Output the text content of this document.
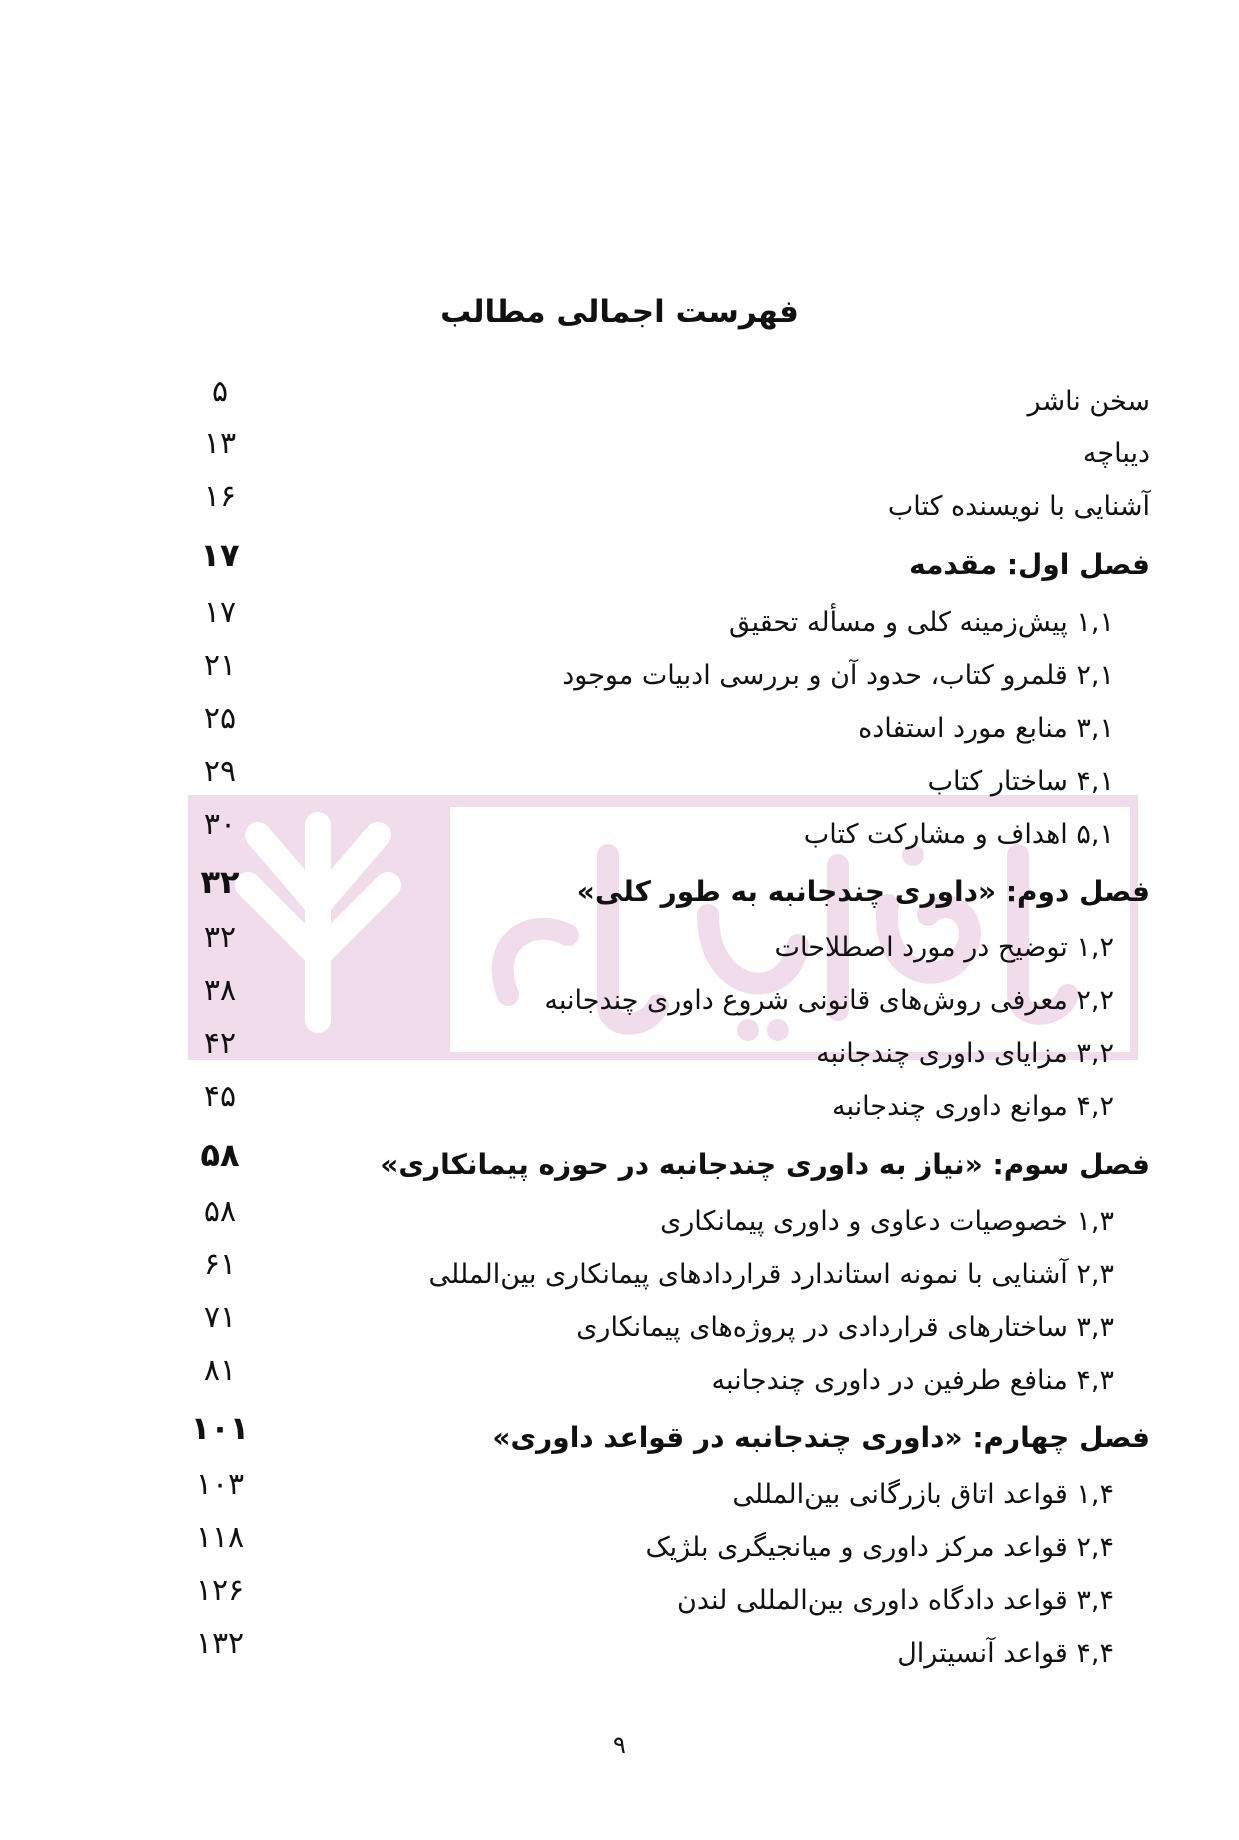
فهرست اجمالی مطالب
سخن ناشر
۵
دیباچه
۱۳
آشنایی با نویسنده کتاب
۱۶
فصل اول: مقدمه
۱۷
۱,۱ پیش‌زمینه کلی و مسأله تحقیق
۱۷
۲,۱ قلمرو کتاب، حدود آن و بررسی ادبیات موجود
۲۱
۳,۱ منابع مورد استفاده
۲۵
۴,۱ ساختار کتاب
۲۹
۵,۱ اهداف و مشارکت کتاب
۳۰
فصل دوم: «داوری چندجانبه به طور کلی»
۳۲
۱,۲ توضیح در مورد اصطلاحات
۳۲
۲,۲ معرفی روش‌های قانونی شروع داوری چندجانبه
۳۸
۳,۲ مزایای داوری چندجانبه
۴۲
۴,۲ موانع داوری چندجانبه
۴۵
فصل سوم: «نیاز به داوری چندجانبه در حوزه پیمانکاری»
۵۸
۱,۳ خصوصیات دعاوی و داوری پیمانکاری
۵۸
۲,۳ آشنایی با نمونه استاندارد قراردادهای پیمانکاری بین‌المللی
۶۱
۳,۳ ساختارهای قراردادی در پروژه‌های پیمانکاری
۷۱
۴,۳ منافع طرفین در داوری چندجانبه
۸۱
فصل چهارم: «داوری چندجانبه در قواعد داوری»
۱۰۱
۱,۴ قواعد اتاق بازرگانی بین‌المللی
۱۰۳
۲,۴ قواعد مرکز داوری و میانجیگری بلژیک
۱۱۸
۳,۴ قواعد دادگاه داوری بین‌المللی لندن
۱۲۶
۴,۴ قواعد آنسیترال
۱۳۲
۹
